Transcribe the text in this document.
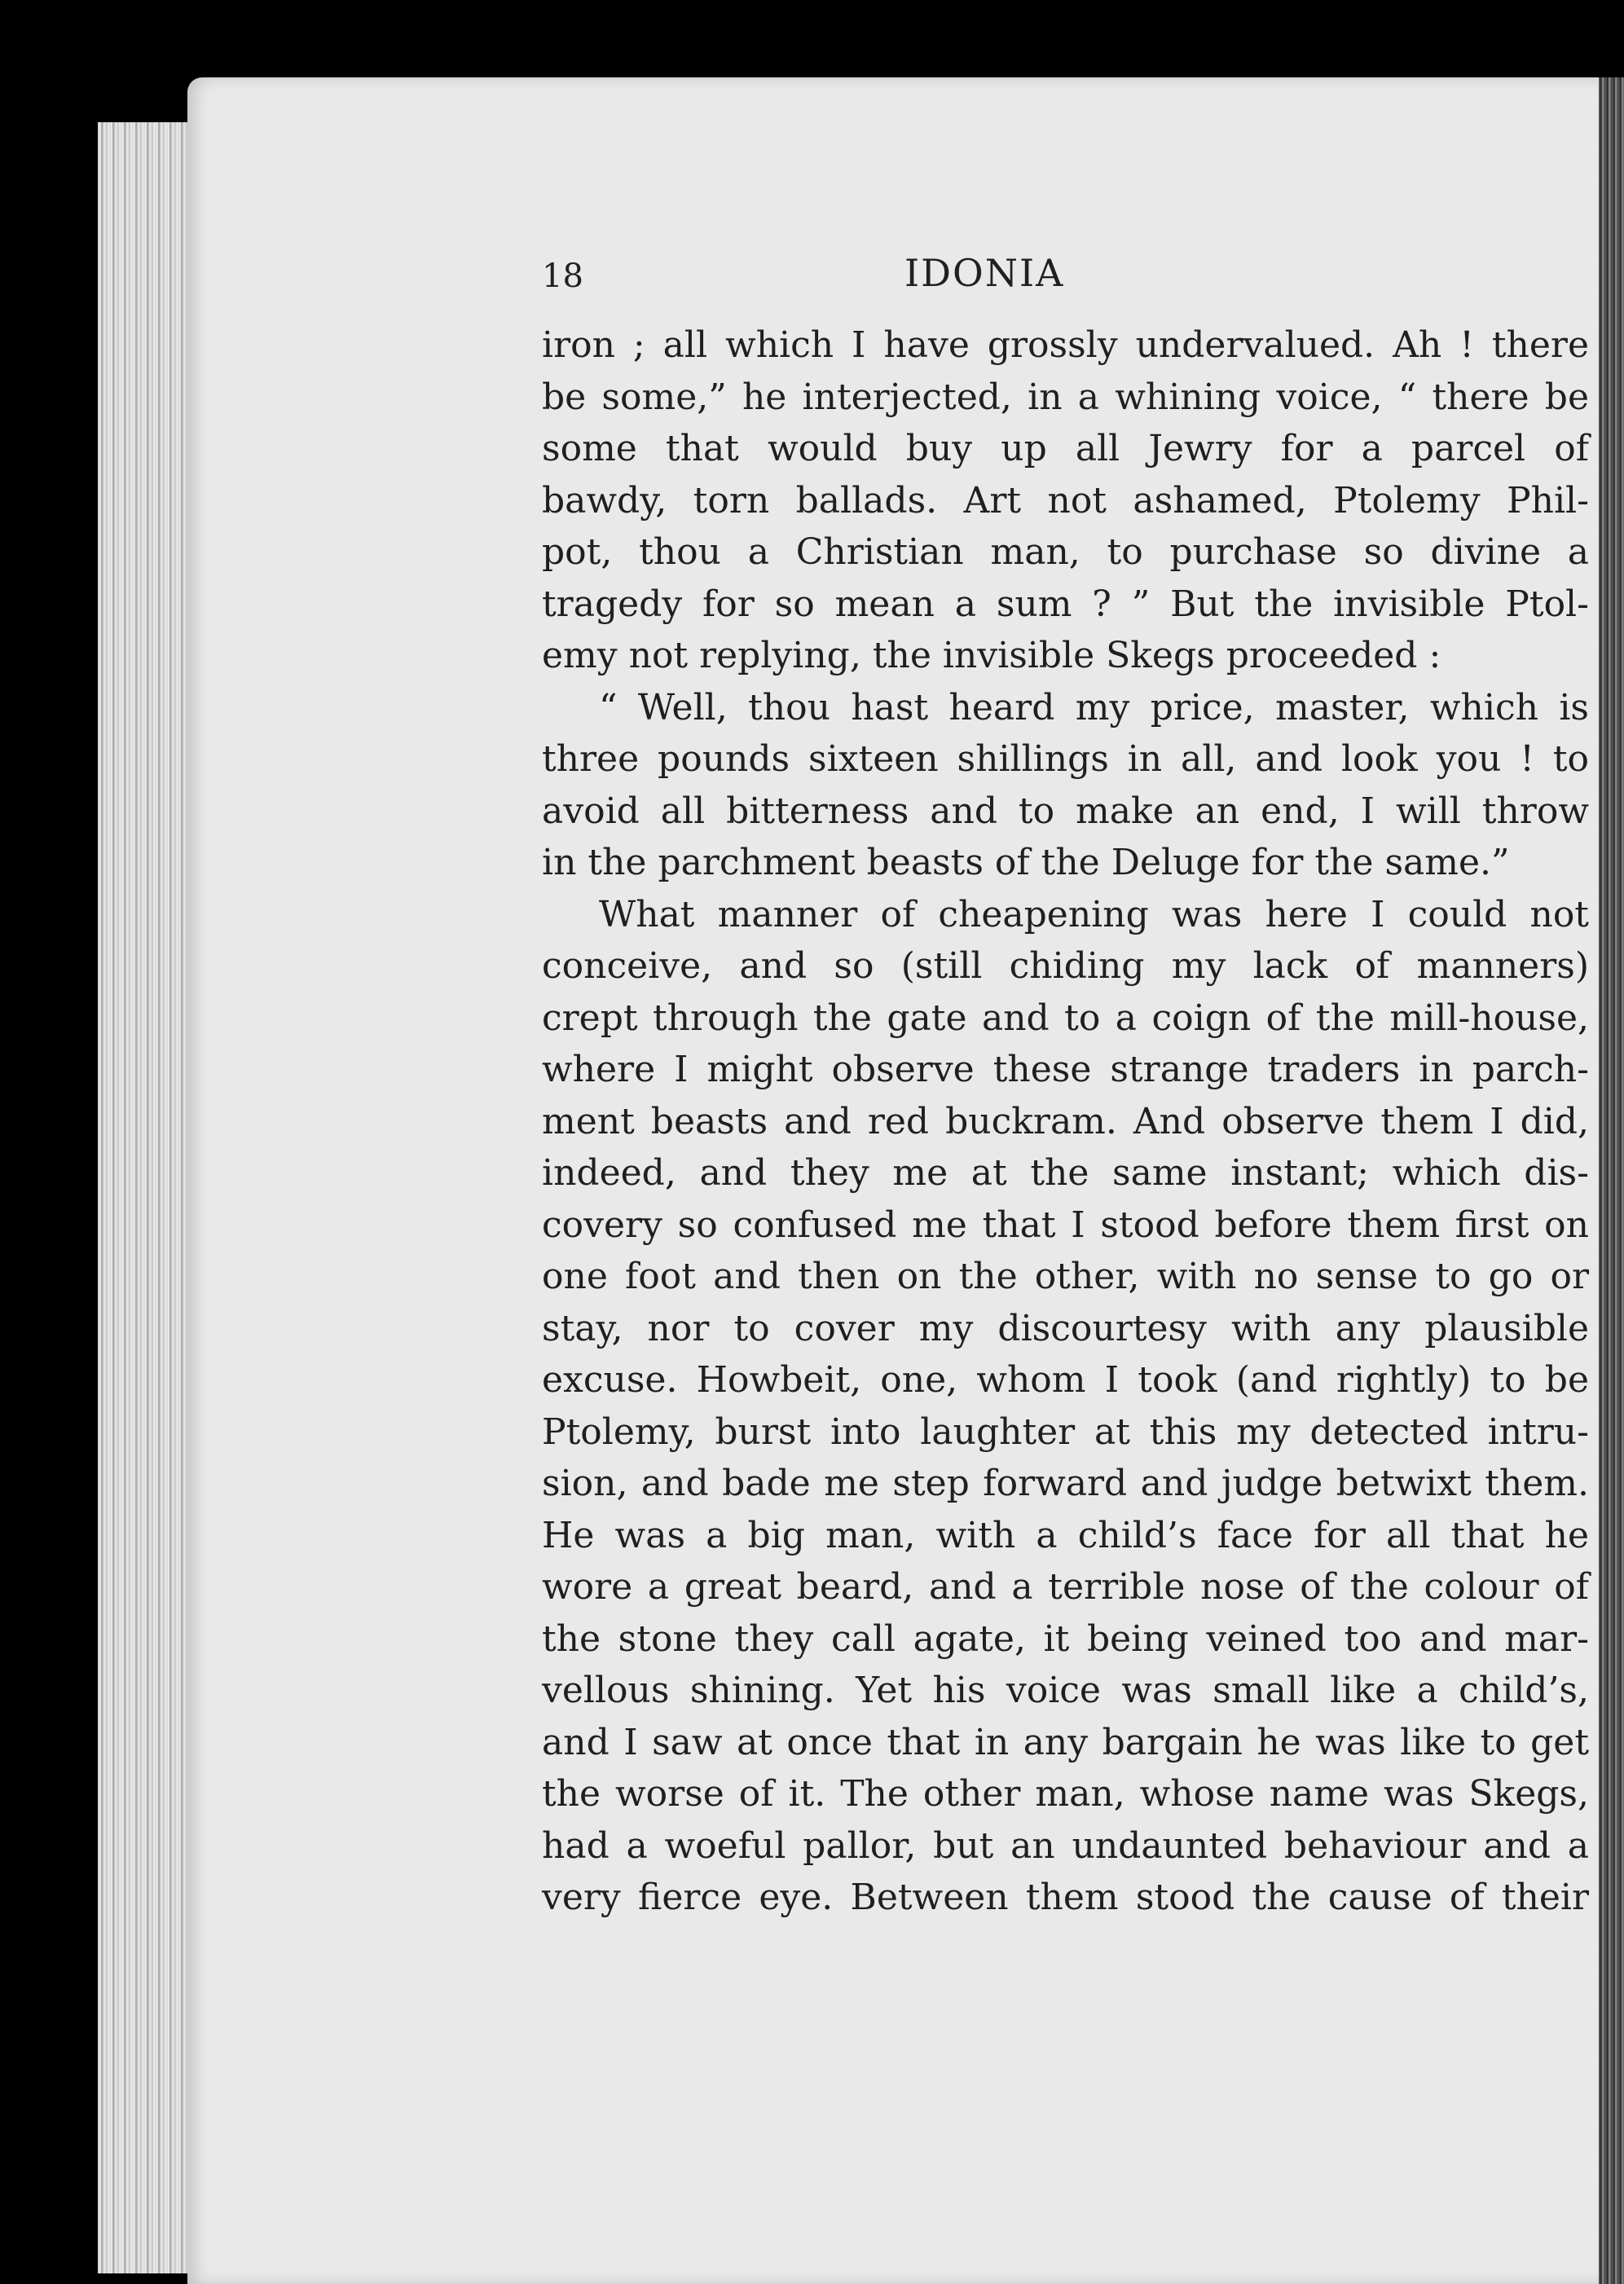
18	IDONIA
iron ; all which I have grossly undervalued. Ah ! there
be some,” he interjected, in a whining voice, “ there be
some that would buy up all Jewry for a parcel of
bawdy, torn ballads. Art not ashamed, Ptolemy Phil-
pot, thou a Christian man, to purchase so divine a
tragedy for so mean a sum ? ” But the invisible Ptol-
emy not replying, the invisible Skegs proceeded :
“ Well, thou hast heard my price, master, which is
three pounds sixteen shillings in all, and look you ! to
avoid all bitterness and to make an end, I will throw
in the parchment beasts of the Deluge for the same.”
What manner of cheapening was here I could not
conceive, and so (still chiding my lack of manners)
crept through the gate and to a coign of the mill-house,
where I might observe these strange traders in parch-
ment beasts and red buckram. And observe them I did,
indeed, and they me at the same instant; which dis-
covery so confused me that I stood before them first on
one foot and then on the other, with no sense to go or
stay, nor to cover my discourtesy with any plausible
excuse. Howbeit, one, whom I took (and rightly) to be
Ptolemy, burst into laughter at this my detected intru-
sion, and bade me step forward and judge betwixt them.
He was a big man, with a child’s face for all that he
wore a great beard, and a terrible nose of the colour of
the stone they call agate, it being veined too and mar-
vellous shining. Yet his voice was small like a child’s,
and I saw at once that in any bargain he was like to get
the worse of it. The other man, whose name was Skegs,
had a woeful pallor, but an undaunted behaviour and a
very fierce eye. Between them stood the cause of their
